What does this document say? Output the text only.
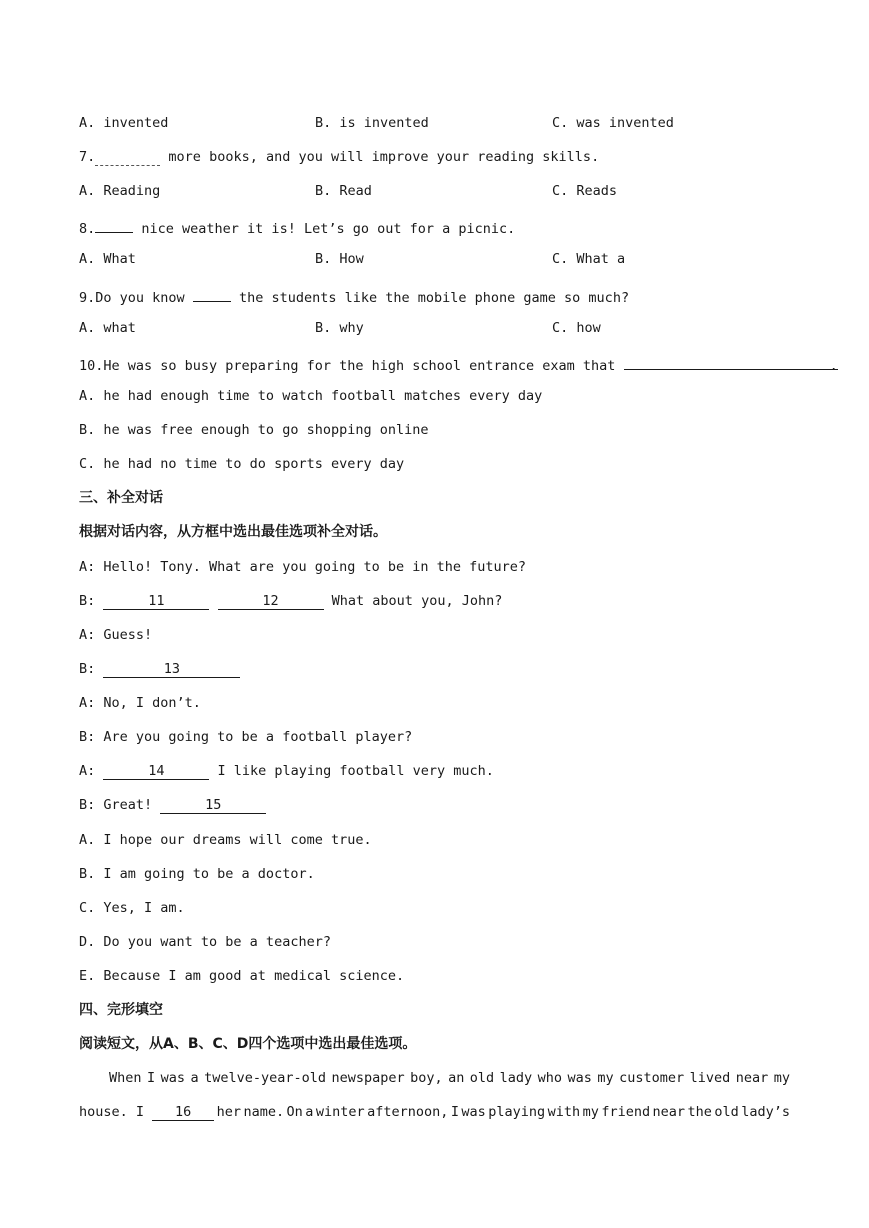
A. invented	B. is invented	C. was invented
7.	more books, and you will improve your reading skills.
A. Reading	B. Read	C. Reads
8.	nice weather it is! Let’s go out for a picnic.
A. What	B. How	C. What a
9.Do you know	the students like the mobile phone game so much?
A. what	B. why	C. how
10.He was so busy preparing for the high school entrance exam that	.
A. he had enough time to watch football matches every day
B. he was free enough to go shopping online
C. he had no time to do sports every day
三、补全对话
根据对话内容，从方框中选出最佳选项补全对话。
A: Hello! Tony. What are you going to be in the future?
B:	11	12	What about you, John?
A: Guess!
B:	13
A: No, I don’t.
B: Are you going to be a football player?
A:	14	I like playing football very much.
B: Great!	15
A. I hope our dreams will come true.
B. I am going to be a doctor.
C. Yes, I am.
D. Do you want to be a teacher?
E. Because I am good at medical science.
四、完形填空
阅读短文，从A、B、C、D四个选项中选出最佳选项。
When I was a twelve-year-old newspaper boy, an old lady who was my customer lived near my
house. I 16	her name. On a winter afternoon, I was playing with my friend near the old lady’s
